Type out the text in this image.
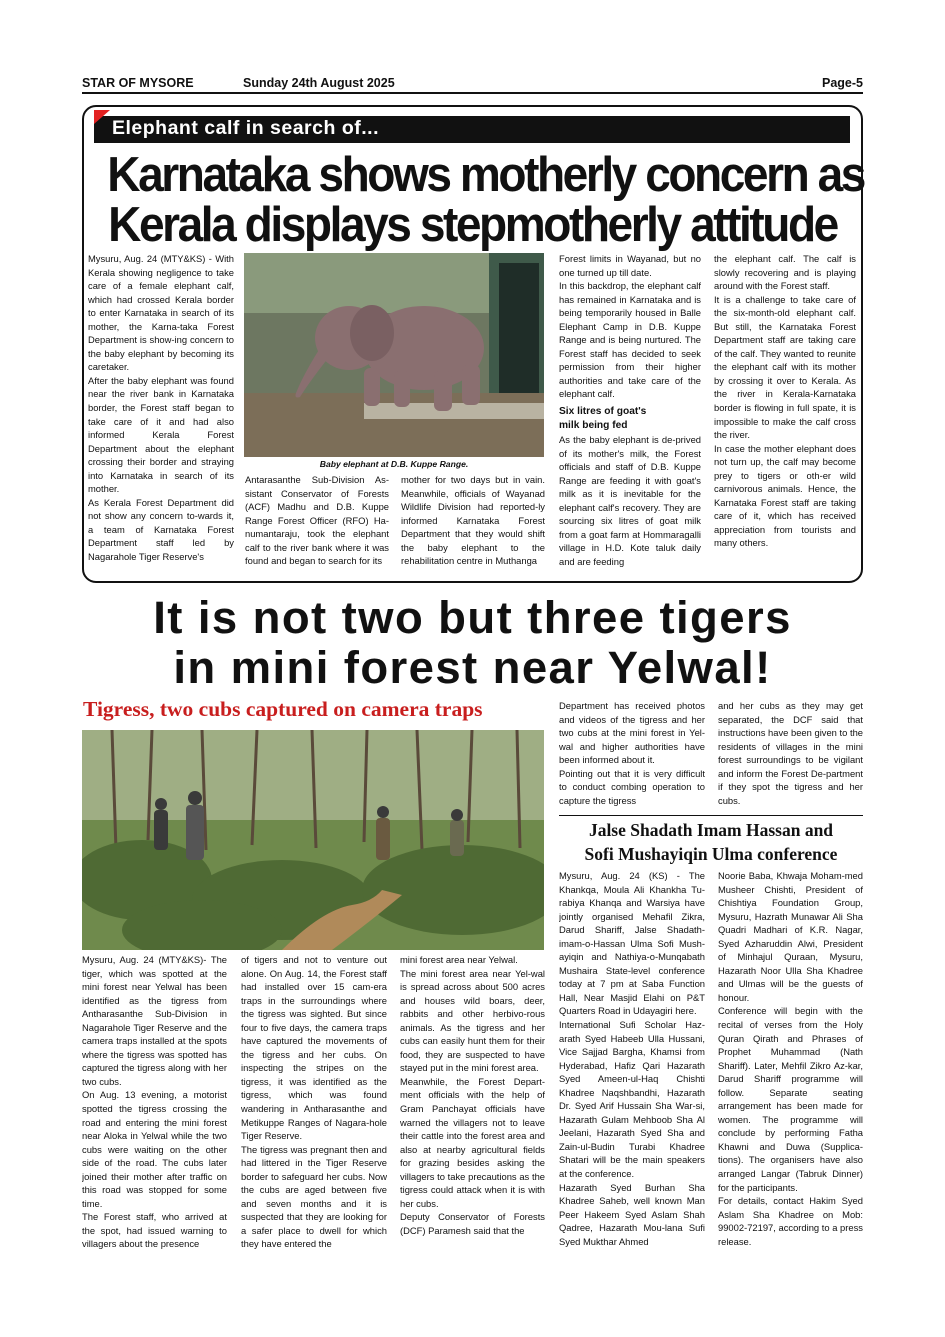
STAR OF MYSORE	Sunday 24th August 2025	Page-5
Elephant calf in search of...
Karnataka shows motherly concern as
Kerala displays stepmotherly attitude
Mysuru, Aug. 24 (MTY&KS) - With Kerala showing negligence to take care of a female elephant calf, which had crossed Kerala border to enter Karnataka in search of its mother, the Karna-taka Forest Department is show-ing concern to the baby elephant by becoming its caretaker.
After the baby elephant was found near the river bank in Karnataka border, the Forest staff began to take care of it and had also informed Kerala Forest Department about the elephant crossing their border and straying into Karnataka in search of its mother.
As Kerala Forest Department did not show any concern to-wards it, a team of Karnataka Forest Department staff led by Nagarahole Tiger Reserve's
Baby elephant at D.B. Kuppe Range.
Antarasanthe Sub-Division As-sistant Conservator of Forests (ACF) Madhu and D.B. Kuppe Range Forest Officer (RFO) Ha-numantaraju, took the elephant calf to the river bank where it was found and began to search for its
mother for two days but in vain. Meanwhile, officials of Wayanad Wildlife Division had reported-ly informed Karnataka Forest Department that they would shift the baby elephant to the rehabilitation centre in Muthanga
Forest limits in Wayanad, but no one turned up till date.
In this backdrop, the elephant calf has remained in Karnataka and is being temporarily housed in Balle Elephant Camp in D.B. Kuppe Range and is being nurtured. The Forest staff has decided to seek permission from their higher authorities and take care of the elephant calf.
Six litres of goat's
milk being fed
As the baby elephant is de-prived of its mother's milk, the Forest officials and staff of D.B. Kuppe Range are feeding it with goat's milk as it is inevitable for the elephant calf's recovery. They are sourcing six litres of goat milk from a goat farm at Hommaragalli village in H.D. Kote taluk daily and are feeding
the elephant calf. The calf is slowly recovering and is playing around with the Forest staff.
It is a challenge to take care of the six-month-old elephant calf. But still, the Karnataka Forest Department staff are taking care of the calf. They wanted to reunite the elephant calf with its mother by crossing it over to Kerala. As the river in Kerala-Karnataka border is flowing in full spate, it is impossible to make the calf cross the river.
In case the mother elephant does not turn up, the calf may become prey to tigers or oth-er wild carnivorous animals. Hence, the Karnataka Forest staff are taking care of it, which has received appreciation from tourists and many others.
It is not two but three tigers
in mini forest near Yelwal!
Tigress, two cubs captured on camera traps	Department has received photos and videos of the tigress and her two cubs at the mini forest in Yel-wal and higher authorities have been informed about it.
Pointing out that it is very difficult to conduct combing operation to capture the tigress
and her cubs as they may get separated, the DCF said that instructions have been given to the residents of villages in the mini forest surroundings to be vigilant and inform the Forest De-partment if they spot the tigress and her cubs.
Mysuru, Aug. 24 (MTY&KS)- The tiger, which was spotted at the mini forest near Yelwal has been identified as the tigress from Antharasanthe Sub-Division in Nagarahole Tiger Reserve and the camera traps installed at the spots where the tigress was spotted has captured the tigress along with her two cubs.
On Aug. 13 evening, a motorist spotted the tigress crossing the road and entering the mini forest near Aloka in Yelwal while the two cubs were waiting on the other side of the road. The cubs later joined their mother after traffic on this road was stopped for some time.
The Forest staff, who arrived at the spot, had issued warning to villagers about the presence
of tigers and not to venture out alone. On Aug. 14, the Forest staff had installed over 15 cam-era traps in the surroundings where the tigress was sighted. But since four to five days, the camera traps have captured the movements of the tigress and her cubs. On inspecting the stripes on the tigress, it was identified as the tigress, which was found wandering in Antharasanthe and Metikuppe Ranges of Nagara-hole Tiger Reserve.
The tigress was pregnant then and had littered in the Tiger Reserve border to safeguard her cubs. Now the cubs are aged between five and seven months and it is suspected that they are looking for a safer place to dwell for which they have entered the
mini forest area near Yelwal.
The mini forest area near Yel-wal is spread across about 500 acres and houses wild boars, deer, rabbits and other herbivo-rous animals. As the tigress and her cubs can easily hunt them for their food, they are suspected to have stayed put in the mini forest area.
Meanwhile, the Forest Depart-ment officials with the help of Gram Panchayat officials have warned the villagers not to leave their cattle into the forest area and also at nearby agricultural fields for grazing besides asking the villagers to take precautions as the tigress could attack when it is with her cubs.
Deputy Conservator of Forests (DCF) Paramesh said that the
Jalse Shadath Imam Hassan and
Sofi Mushayiqin Ulma conference
Mysuru, Aug. 24 (KS) - The Khankqa, Moula Ali Khankha Tu-rabiya Khanqa and Warsiya have jointly organised Mehafil Zikra, Darud Shariff, Jalse Shadath-imam-o-Hassan Ulma Sofi Mush-ayiqin and Nathiya-o-Munqabath Mushaira State-level conference today at 7 pm at Saba Function Hall, Near Masjid Elahi on P&T Quarters Road in Udayagiri here.
International Sufi Scholar Haz-arath Syed Habeeb Ulla Hussani, Vice Sajjad Bargha, Khamsi from Hyderabad, Hafiz Qari Hazarath Syed Ameen-ul-Haq Chishti Khadree Naqshbandhi, Hazarath Dr. Syed Arif Hussain Sha War-si, Hazarath Gulam Mehboob Sha Al Jeelani, Hazarath Syed Sha and Zain-ul-Budin Turabi Khadree Shatari will be the main speakers at the conference.
Hazarath Syed Burhan Sha Khadree Saheb, well known Man Peer Hakeem Syed Aslam Shah Qadree, Hazarath Mou-lana Sufi Syed Mukthar Ahmed
Noorie Baba, Khwaja Moham-med Musheer Chishti, President of Chishtiya Foundation Group, Mysuru, Hazrath Munawar Ali Sha Quadri Madhari of K.R. Nagar, Syed Azharuddin Alwi, President of Minhajul Quraan, Mysuru, Hazarath Noor Ulla Sha Khadree and Ulmas will be the guests of honour.
Conference will begin with the recital of verses from the Holy Quran Qirath and Phrases of Prophet Muhammad (Nath Shariff). Later, Mehfil Zikro Az-kar, Darud Shariff programme will follow. Separate seating arrangement has been made for women. The programme will conclude by performing Fatha Khawni and Duwa (Supplica-tions). The organisers have also arranged Langar (Tabruk Dinner) for the participants.
For details, contact Hakim Syed Aslam Sha Khadree on Mob: 99002-72197, according to a press release.
